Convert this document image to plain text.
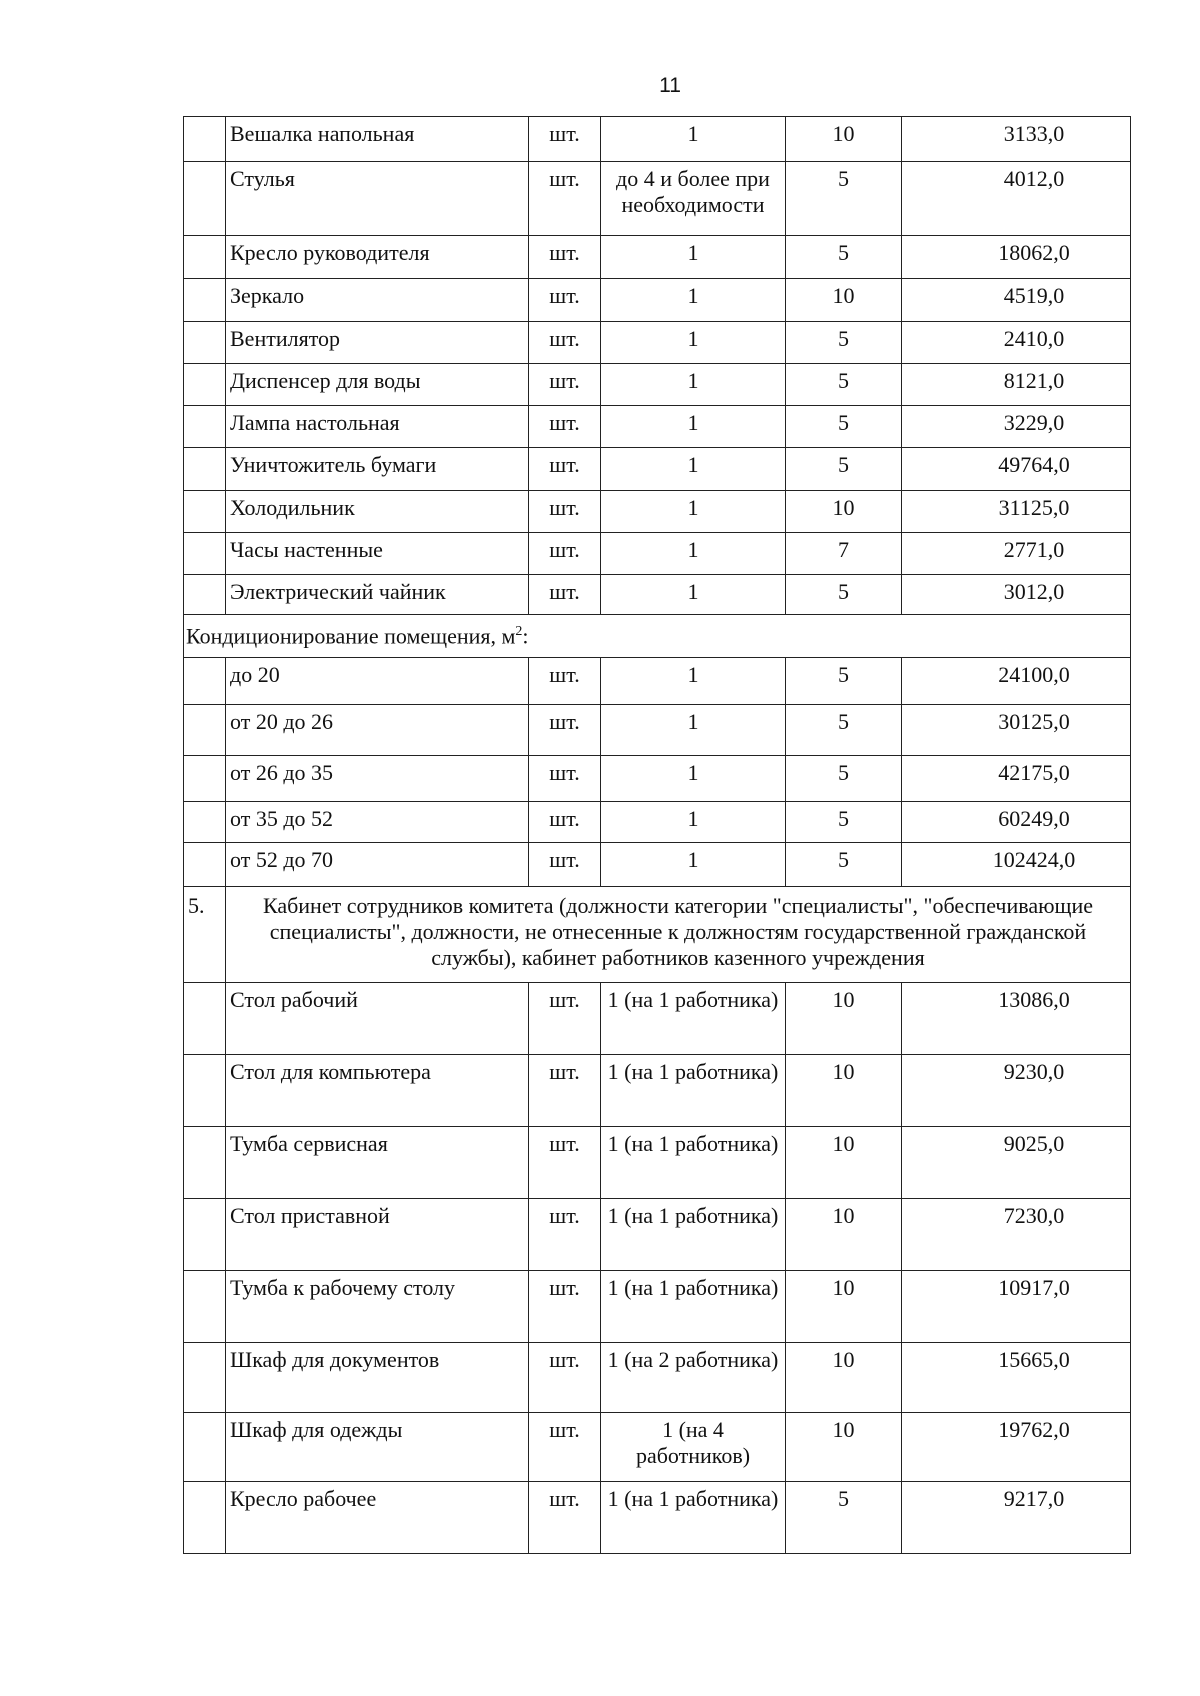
11
	Вешалка напольная	шт.	1	10	3133,0
	Стулья	шт.	до 4 и более при необходимости	5	4012,0
	Кресло руководителя	шт.	1	5	18062,0
	Зеркало	шт.	1	10	4519,0
	Вентилятор	шт.	1	5	2410,0
	Диспенсер для воды	шт.	1	5	8121,0
	Лампа настольная	шт.	1	5	3229,0
	Уничтожитель бумаги	шт.	1	5	49764,0
	Холодильник	шт.	1	10	31125,0
	Часы настенные	шт.	1	7	2771,0
	Электрический чайник	шт.	1	5	3012,0
Кондиционирование помещения, $м^2$:					
	до 20	шт.	1	5	24100,0
	от 20 до 26	шт.	1	5	30125,0
	от 26 до 35	шт.	1	5	42175,0
	от 35 до 52	шт.	1	5	60249,0
	от 52 до 70	шт.	1	5	102424,0
5.	Кабинет сотрудников комитета (должности категории "специалисты", "обеспечивающие специалисты", должности, не отнесенные к должностям государственной гражданской службы), кабинет работников казенного учреждения				
	Стол рабочий	шт.	1 (на 1 работника)	10	13086,0
	Стол для компьютера	шт.	1 (на 1 работника)	10	9230,0
	Тумба сервисная	шт.	1 (на 1 работника)	10	9025,0
	Стол приставной	шт.	1 (на 1 работника)	10	7230,0
	Тумба к рабочему столу	шт.	1 (на 1 работника)	10	10917,0
	Шкаф для документов	шт.	1 (на 2 работника)	10	15665,0
	Шкаф для одежды	шт.	1 (на 4 работников)	10	19762,0
	Кресло рабочее	шт.	1 (на 1 работника)	5	9217,0
